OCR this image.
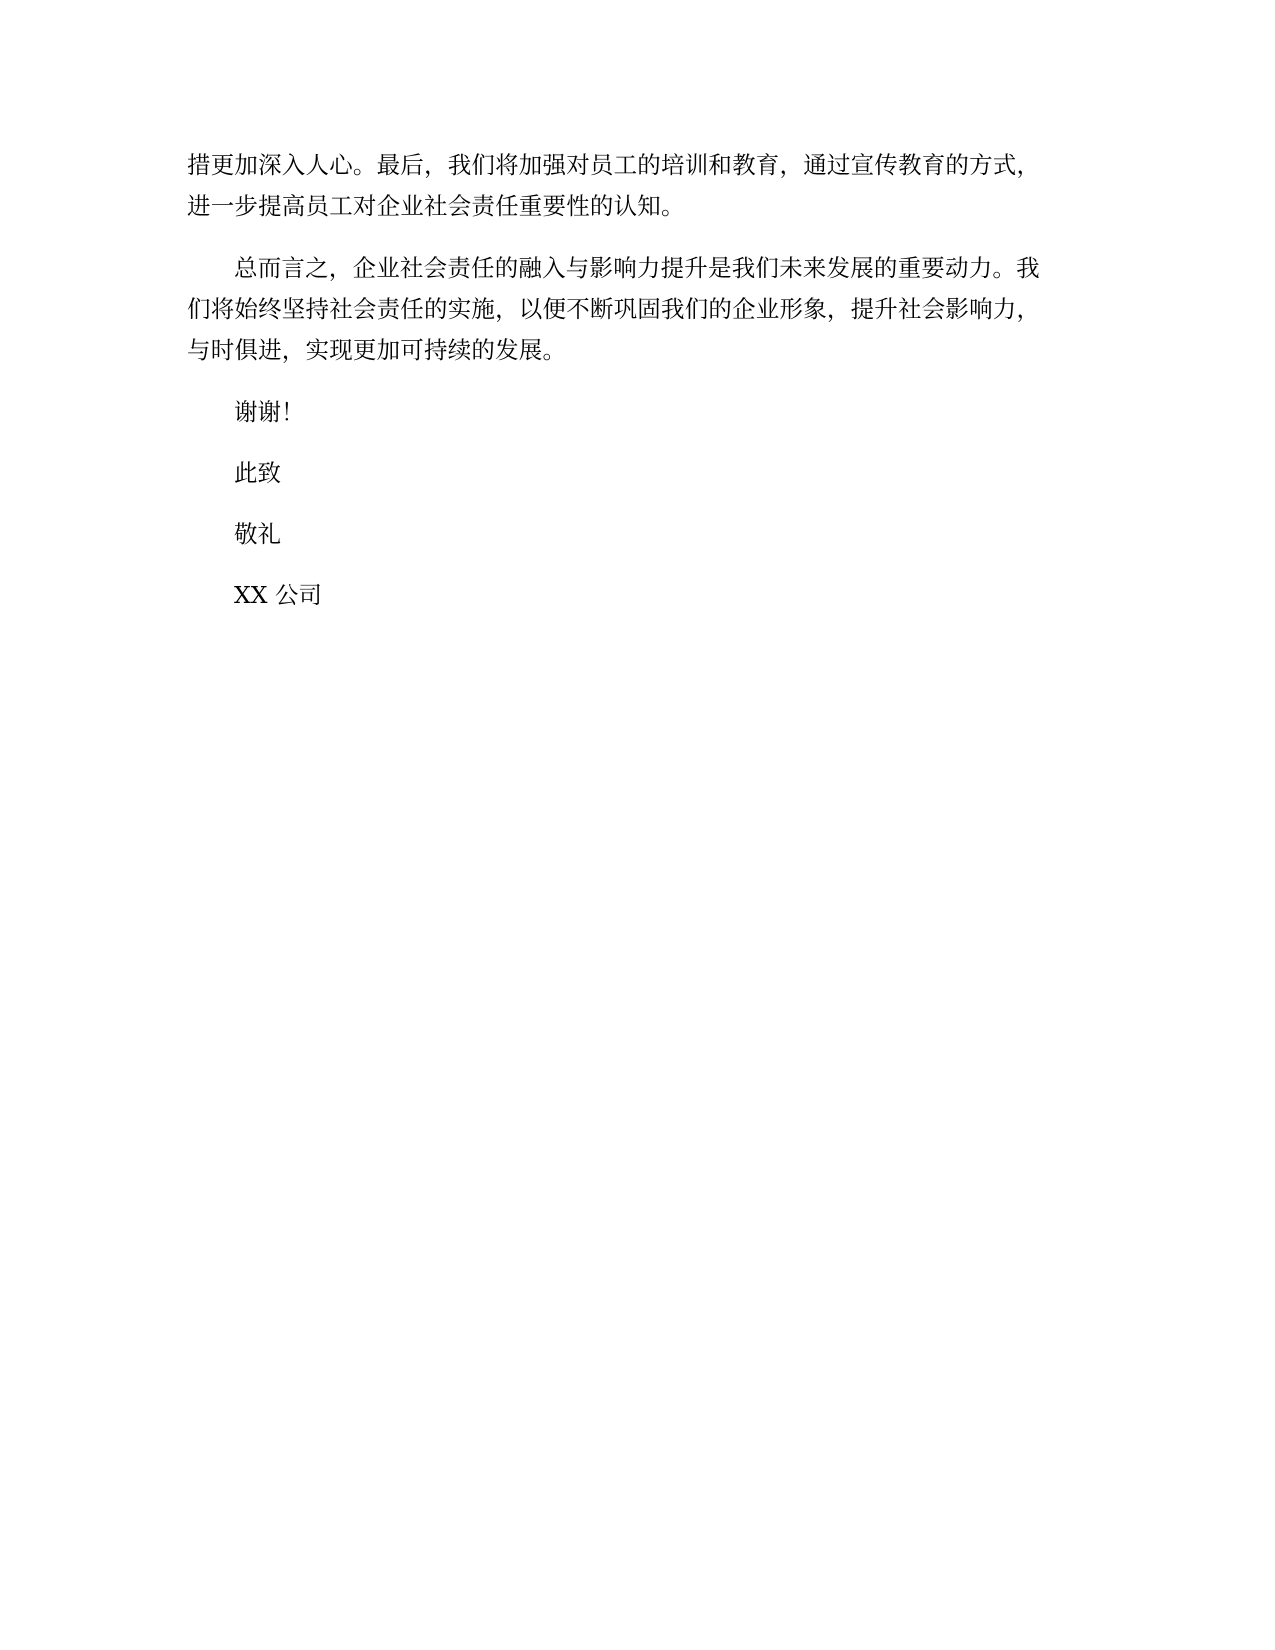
措更加深入人心。最后，我们将加强对员工的培训和教育，通过宣传教育的方式，
进一步提高员工对企业社会责任重要性的认知。

总而言之，企业社会责任的融入与影响力提升是我们未来发展的重要动力。我
们将始终坚持社会责任的实施，以便不断巩固我们的企业形象，提升社会影响力，
与时俱进，实现更加可持续的发展。

谢谢！

此致

敬礼

XX 公司
